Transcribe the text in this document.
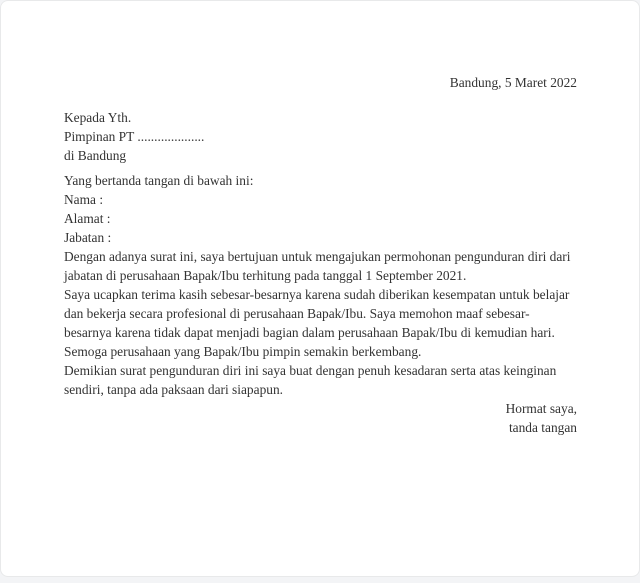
Bandung, 5 Maret 2022

Kepada Yth.

Pimpinan PT ....................

di Bandung

Yang bertanda tangan di bawah ini:

Nama :

Alamat :

Jabatan :

Dengan adanya surat ini, saya bertujuan untuk mengajukan permohonan pengunduran diri dari jabatan di perusahaan Bapak/Ibu terhitung pada tanggal 1 September 2021.

Saya ucapkan terima kasih sebesar-besarnya karena sudah diberikan kesempatan untuk belajar dan bekerja secara profesional di perusahaan Bapak/Ibu. Saya memohon maaf sebesar-besarnya karena tidak dapat menjadi bagian dalam perusahaan Bapak/Ibu di kemudian hari. Semoga perusahaan yang Bapak/Ibu pimpin semakin berkembang.

Demikian surat pengunduran diri ini saya buat dengan penuh kesadaran serta atas keinginan sendiri, tanpa ada paksaan dari siapapun.

Hormat saya,

tanda tangan
